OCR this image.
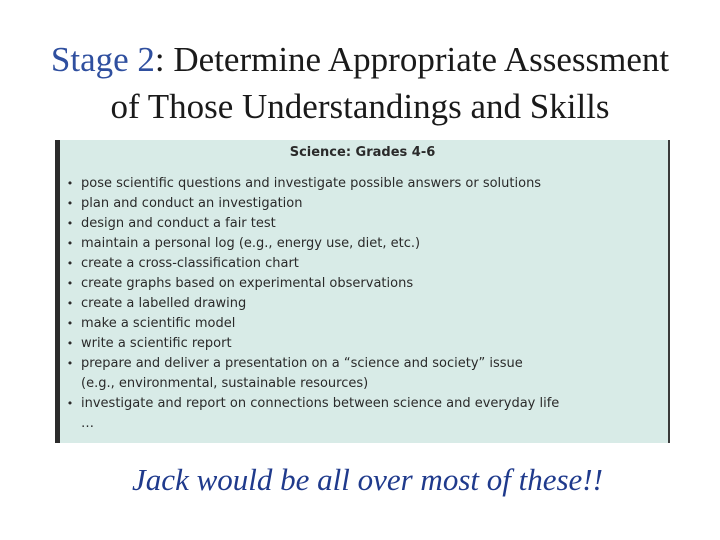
Stage 2: Determine Appropriate Assessment
of Those Understandings and Skills
Science: Grades 4-6
• pose scientific questions and investigate possible answers or solutions
• plan and conduct an investigation
• design and conduct a fair test
• maintain a personal log (e.g., energy use, diet, etc.)
• create a cross-classification chart
• create graphs based on experimental observations
• create a labelled drawing
• make a scientific model
• write a scientific report
• prepare and deliver a presentation on a “science and society” issue
(e.g., environmental, sustainable resources)
• investigate and report on connections between science and everyday life
…
Jack would be all over most of these!!
